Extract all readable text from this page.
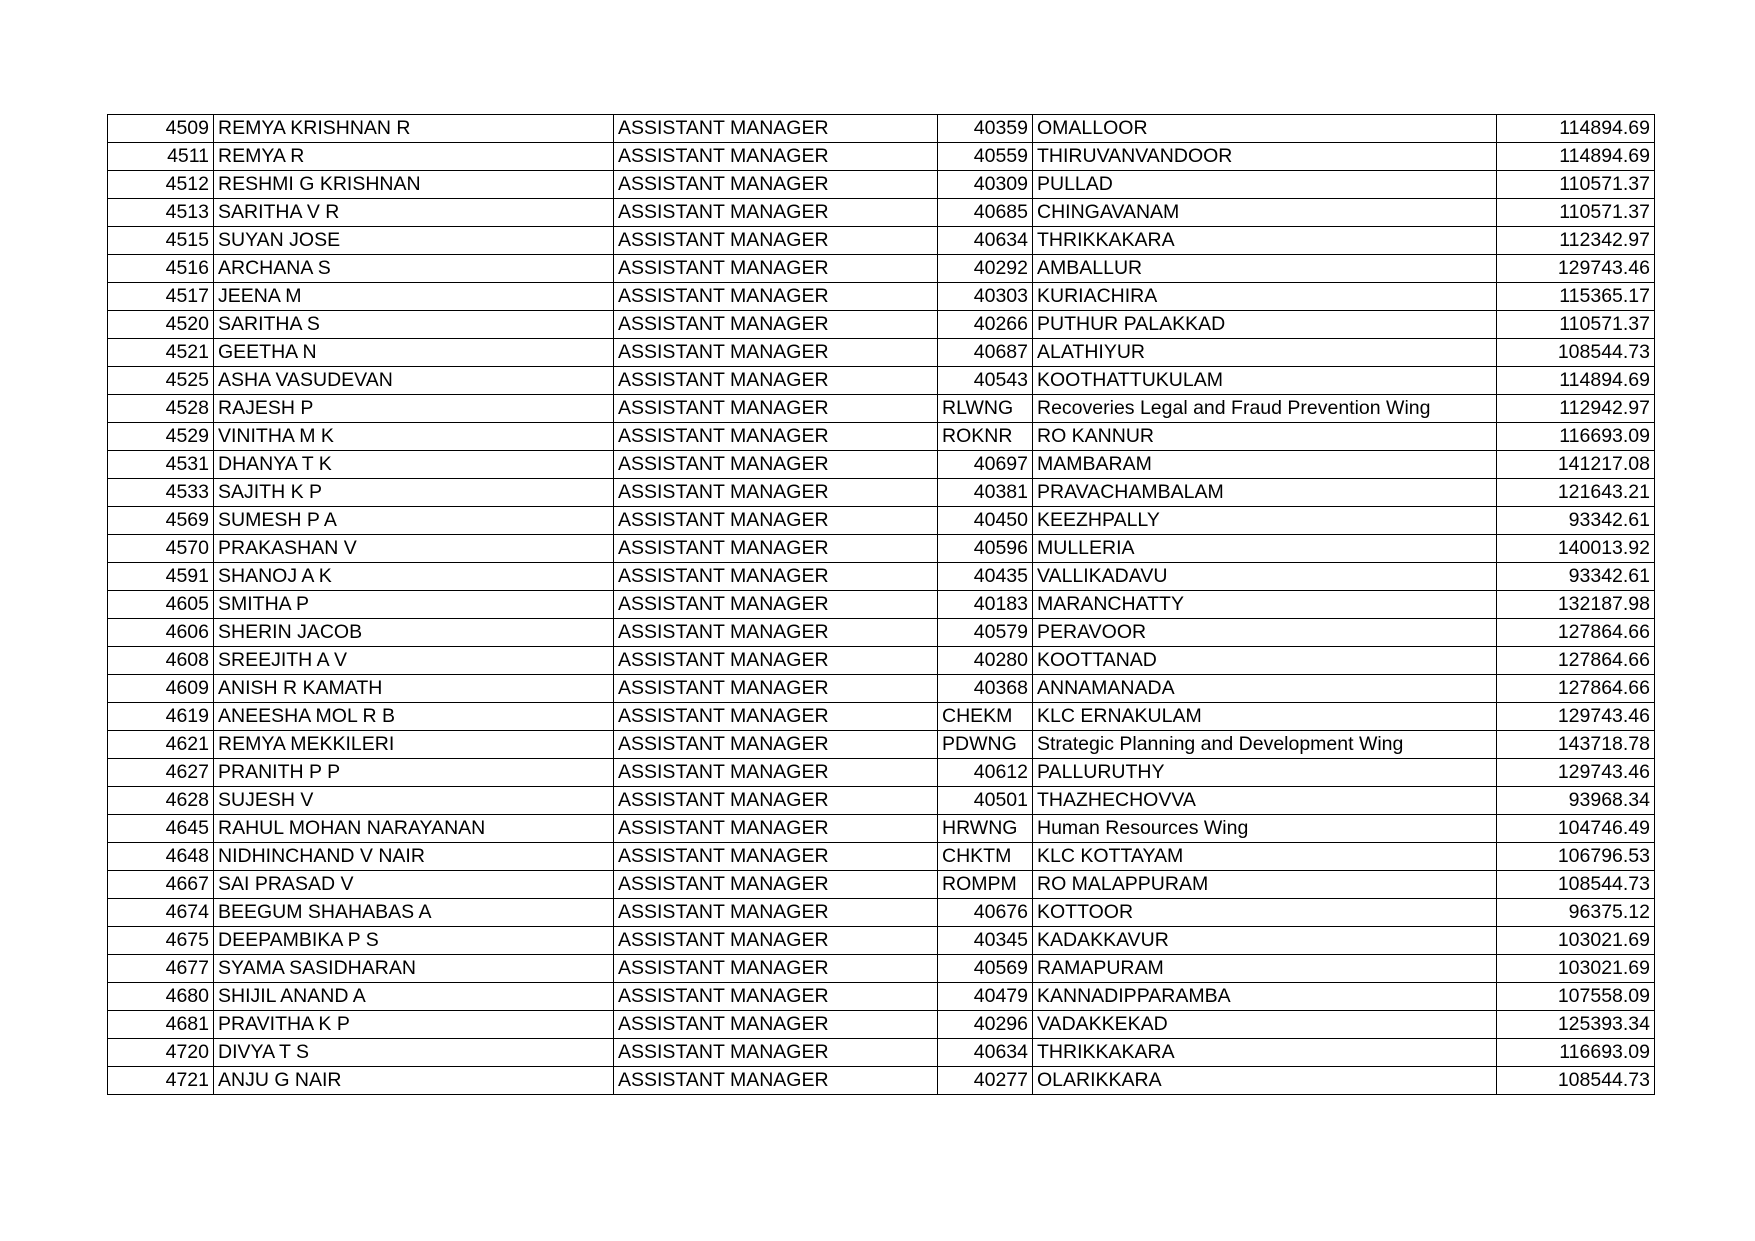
4509	REMYA KRISHNAN R	ASSISTANT MANAGER	40359	OMALLOOR	114894.69
4511	REMYA R	ASSISTANT MANAGER	40559	THIRUVANVANDOOR	114894.69
4512	RESHMI G KRISHNAN	ASSISTANT MANAGER	40309	PULLAD	110571.37
4513	SARITHA V R	ASSISTANT MANAGER	40685	CHINGAVANAM	110571.37
4515	SUYAN JOSE	ASSISTANT MANAGER	40634	THRIKKAKARA	112342.97
4516	ARCHANA S	ASSISTANT MANAGER	40292	AMBALLUR	129743.46
4517	JEENA M	ASSISTANT MANAGER	40303	KURIACHIRA	115365.17
4520	SARITHA S	ASSISTANT MANAGER	40266	PUTHUR PALAKKAD	110571.37
4521	GEETHA N	ASSISTANT MANAGER	40687	ALATHIYUR	108544.73
4525	ASHA VASUDEVAN	ASSISTANT MANAGER	40543	KOOTHATTUKULAM	114894.69
4528	RAJESH P	ASSISTANT MANAGER	RLWNG	Recoveries Legal and Fraud Prevention Wing	112942.97
4529	VINITHA M K	ASSISTANT MANAGER	ROKNR	RO KANNUR	116693.09
4531	DHANYA T K	ASSISTANT MANAGER	40697	MAMBARAM	141217.08
4533	SAJITH K P	ASSISTANT MANAGER	40381	PRAVACHAMBALAM	121643.21
4569	SUMESH P A	ASSISTANT MANAGER	40450	KEEZHPALLY	93342.61
4570	PRAKASHAN V	ASSISTANT MANAGER	40596	MULLERIA	140013.92
4591	SHANOJ A K	ASSISTANT MANAGER	40435	VALLIKADAVU	93342.61
4605	SMITHA P	ASSISTANT MANAGER	40183	MARANCHATTY	132187.98
4606	SHERIN JACOB	ASSISTANT MANAGER	40579	PERAVOOR	127864.66
4608	SREEJITH A V	ASSISTANT MANAGER	40280	KOOTTANAD	127864.66
4609	ANISH R KAMATH	ASSISTANT MANAGER	40368	ANNAMANADA	127864.66
4619	ANEESHA MOL R B	ASSISTANT MANAGER	CHEKM	KLC ERNAKULAM	129743.46
4621	REMYA MEKKILERI	ASSISTANT MANAGER	PDWNG	Strategic Planning and Development Wing	143718.78
4627	PRANITH P P	ASSISTANT MANAGER	40612	PALLURUTHY	129743.46
4628	SUJESH V	ASSISTANT MANAGER	40501	THAZHECHOVVA	93968.34
4645	RAHUL MOHAN NARAYANAN	ASSISTANT MANAGER	HRWNG	Human Resources Wing	104746.49
4648	NIDHINCHAND V NAIR	ASSISTANT MANAGER	CHKTM	KLC KOTTAYAM	106796.53
4667	SAI PRASAD V	ASSISTANT MANAGER	ROMPM	RO MALAPPURAM	108544.73
4674	BEEGUM SHAHABAS A	ASSISTANT MANAGER	40676	KOTTOOR	96375.12
4675	DEEPAMBIKA P S	ASSISTANT MANAGER	40345	KADAKKAVUR	103021.69
4677	SYAMA SASIDHARAN	ASSISTANT MANAGER	40569	RAMAPURAM	103021.69
4680	SHIJIL ANAND A	ASSISTANT MANAGER	40479	KANNADIPPARAMBA	107558.09
4681	PRAVITHA K P	ASSISTANT MANAGER	40296	VADAKKEKAD	125393.34
4720	DIVYA T S	ASSISTANT MANAGER	40634	THRIKKAKARA	116693.09
4721	ANJU G NAIR	ASSISTANT MANAGER	40277	OLARIKKARA	108544.73
